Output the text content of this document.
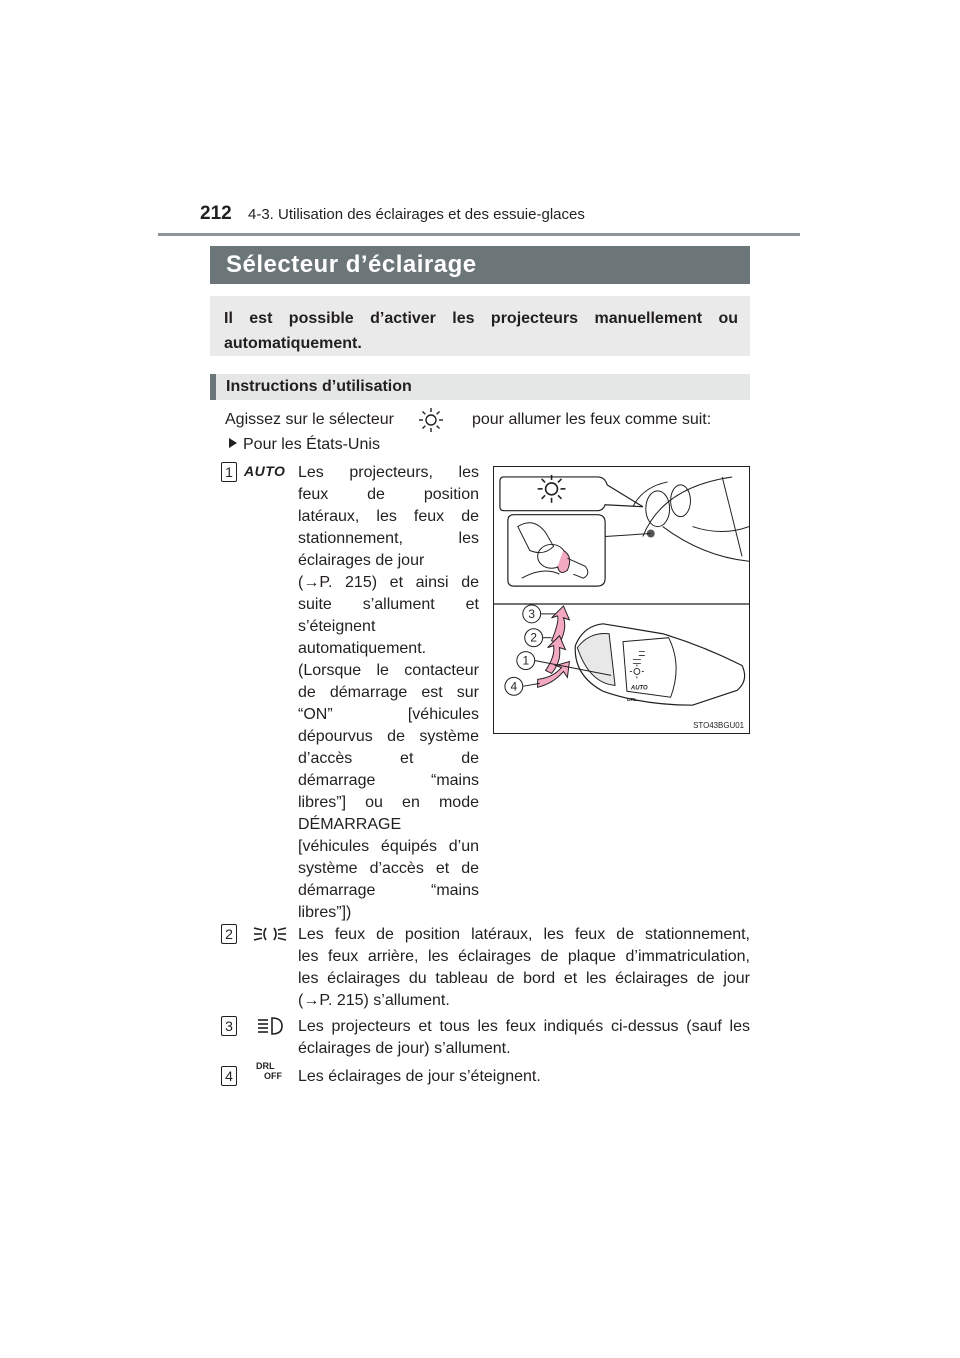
212 4-3. Utilisation des éclairages et des essuie-glaces
Sélecteur d’éclairage
Il est possible d’activer les projecteurs manuellement ou
automatiquement.
Instructions d’utilisation
Agissez sur le sélecteur	pour allumer les feux comme suit:
Pour les États-Unis
1 AUTO Les projecteurs, les
feux de position
latéraux, les feux de
stationnement, les
éclairages de jour
(→P. 215) et ainsi de
suite s’allument et
s’éteignent
automatiquement.
(Lorsque le contacteur
de démarrage est sur
“ON” [véhicules
dépourvus de système
d’accès et de
démarrage “mains
libres”] ou en mode
DÉMARRAGE
[véhicules équipés d’un
système d’accès et de
démarrage “mains
libres”])
AUTO
DRL
3
2
1
4
STO43BGU01
2	Les feux de position latéraux, les feux de stationnement,
les feux arrière, les éclairages de plaque d’immatriculation,
les éclairages du tableau de bord et les éclairages de jour
(→P. 215) s’allument.
3	Les projecteurs et tous les feux indiqués ci-dessus (sauf les
éclairages de jour) s’allument.
4
DRL
OFF Les éclairages de jour s’éteignent.
